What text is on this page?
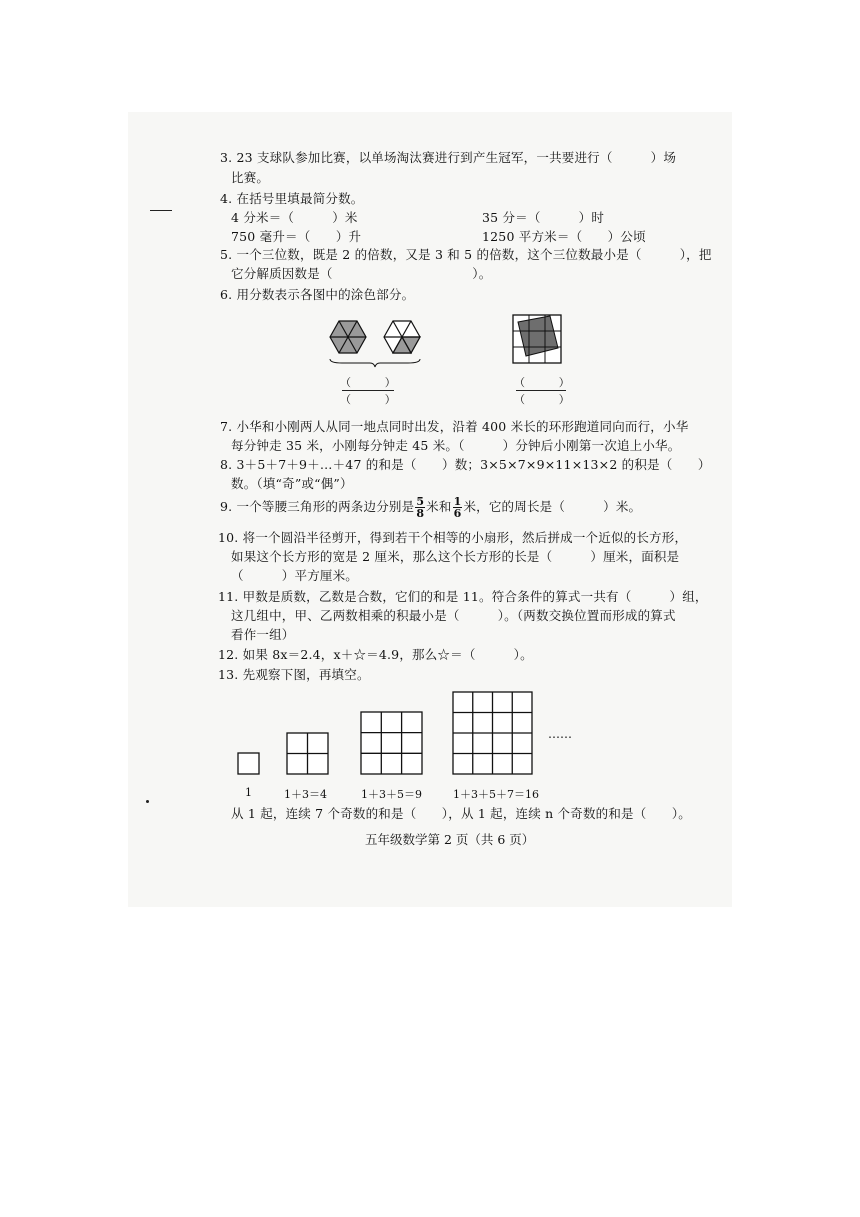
3. 23 支球队参加比赛，以单场淘汰赛进行到产生冠军，一共要进行（　　　）场
比赛。
4. 在括号里填最简分数。
4 分米＝（　　　）米	35 分＝（　　　）时
750 毫升＝（　　）升	1250 平方米＝（　　）公顷
5. 一个三位数，既是 2 的倍数，又是 3 和 5 的倍数，这个三位数最小是（　　　），把
它分解质因数是（　　　　　　　　　　　）。
6. 用分数表示各图中的涂色部分。
（　　　）
（　　　）
（　　　）
（　　　）
7. 小华和小刚两人从同一地点同时出发，沿着 400 米长的环形跑道同向而行，小华
每分钟走 35 米，小刚每分钟走 45 米。（　　　）分钟后小刚第一次追上小华。
8. 3＋5＋7＋9＋…＋47 的和是（　　）数；3×5×7×9×11×13×2 的积是（　　）
数。（填“奇”或“偶”）
9. 一个等腰三角形的两条边分别是 $\frac{5}{8}$ 米和 $\frac{1}{6}$ 米，它的周长是（　　　）米。
10. 将一个圆沿半径剪开，得到若干个相等的小扇形，然后拼成一个近似的长方形，
如果这个长方形的宽是 2 厘米，那么这个长方形的长是（　　　）厘米，面积是
（　　　）平方厘米。
11. 甲数是质数，乙数是合数，它们的和是 11。符合条件的算式一共有（　　　）组，
这几组中，甲、乙两数相乘的积最小是（　　　）。（两数交换位置而形成的算式
看作一组）
12. 如果 8x＝2.4，x＋☆＝4.9，那么☆＝（　　　）。
13. 先观察下图，再填空。
……
1	1＋3＝4	1＋3＋5＝9	1＋3＋5＋7＝16
从 1 起，连续 7 个奇数的和是（　　），从 1 起，连续 n 个奇数的和是（　　）。
五年级数学第 2 页（共 6 页）
